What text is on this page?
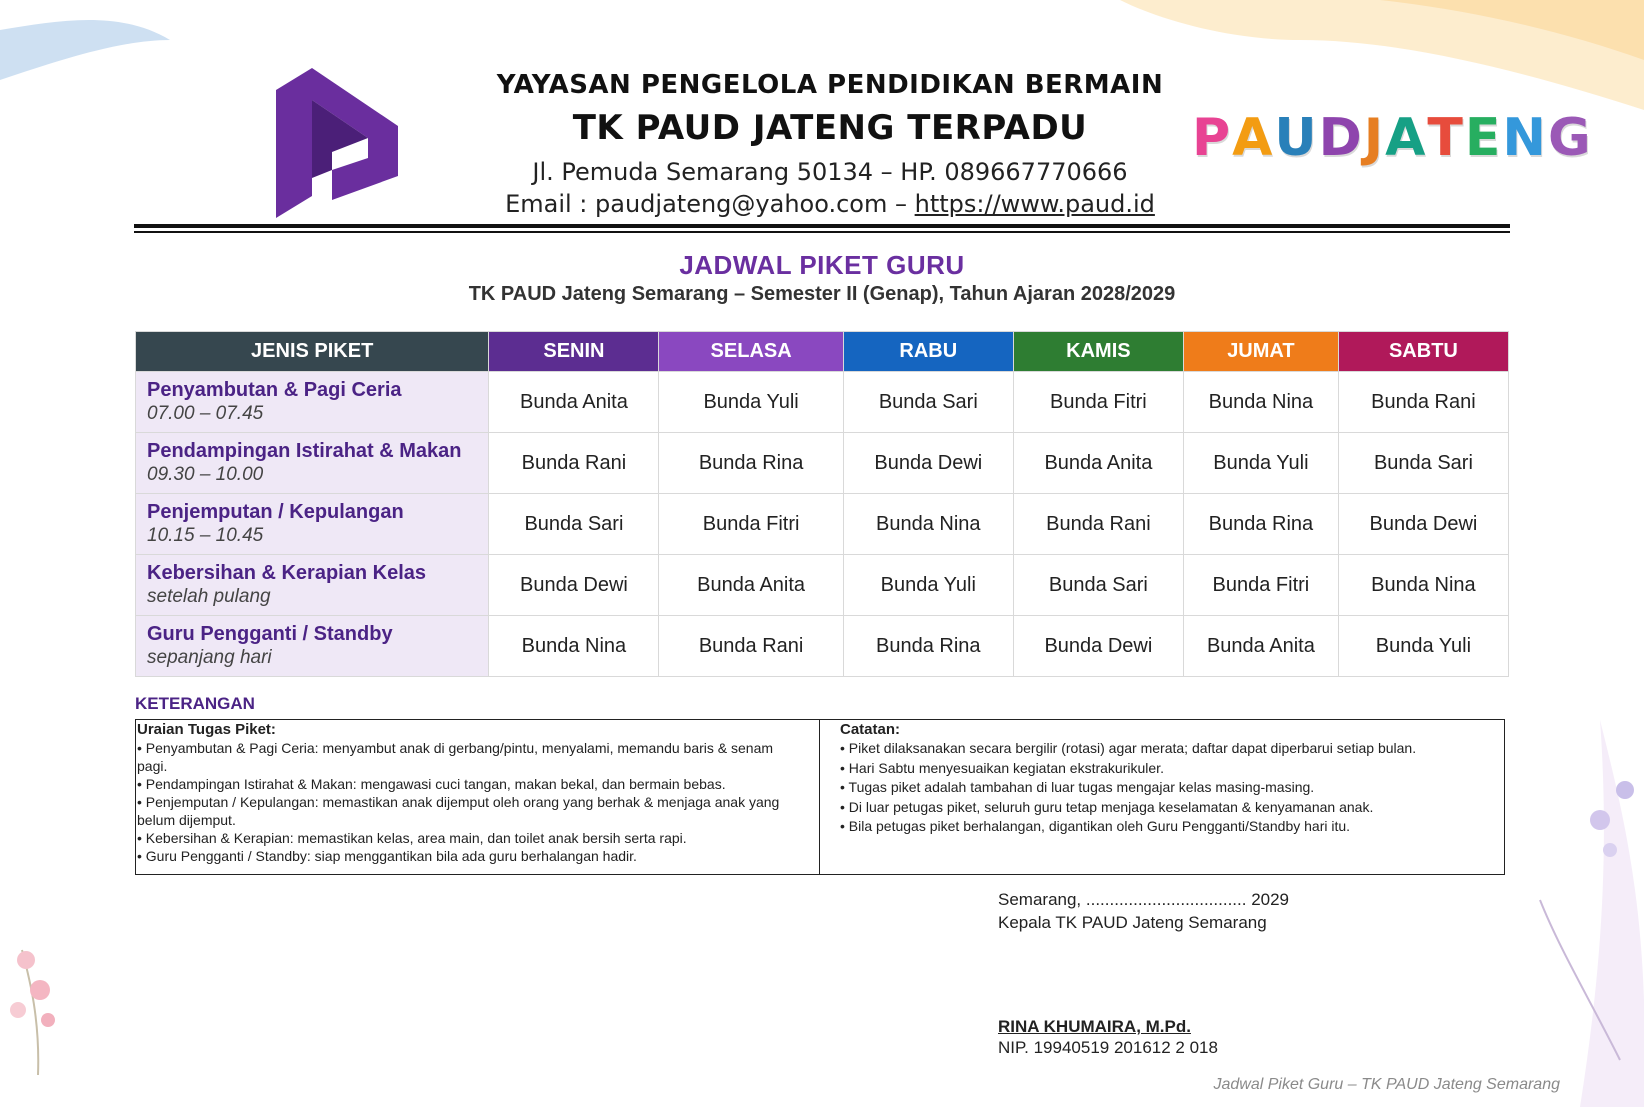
YAYASAN PENGELOLA PENDIDIKAN BERMAIN
TK PAUD JATENG TERPADU
Jl. Pemuda Semarang 50134 – HP. 089667770666
Email : paudjateng@yahoo.com – https://www.paud.id
PAUDJATENG
JADWAL PIKET GURU
TK PAUD Jateng Semarang – Semester II (Genap), Tahun Ajaran 2028/2029
JENIS PIKET	SENIN	SELASA	RABU	KAMIS	JUMAT	SABTU

Penyambutan & Pagi Ceria
07.00 – 07.45	Bunda Anita	Bunda Yuli	Bunda Sari	Bunda Fitri	Bunda Nina	Bunda Rani

Pendampingan Istirahat & Makan
09.30 – 10.00	Bunda Rani	Bunda Rina	Bunda Dewi	Bunda Anita	Bunda Yuli	Bunda Sari

Penjemputan / Kepulangan
10.15 – 10.45	Bunda Sari	Bunda Fitri	Bunda Nina	Bunda Rani	Bunda Rina	Bunda Dewi

Kebersihan & Kerapian Kelas
setelah pulang	Bunda Dewi	Bunda Anita	Bunda Yuli	Bunda Sari	Bunda Fitri	Bunda Nina

Guru Pengganti / Standby
sepanjang hari	Bunda Nina	Bunda Rani	Bunda Rina	Bunda Dewi	Bunda Anita	Bunda Yuli
KETERANGAN
Uraian Tugas Piket:
• Penyambutan & Pagi Ceria: menyambut anak di gerbang/pintu, menyalami, memandu baris & senam pagi.
• Pendampingan Istirahat & Makan: mengawasi cuci tangan, makan bekal, dan bermain bebas.
• Penjemputan / Kepulangan: memastikan anak dijemput oleh orang yang berhak & menjaga anak yang belum dijemput.
• Kebersihan & Kerapian: memastikan kelas, area main, dan toilet anak bersih serta rapi.
• Guru Pengganti / Standby: siap menggantikan bila ada guru berhalangan hadir.
Catatan:
• Piket dilaksanakan secara bergilir (rotasi) agar merata; daftar dapat diperbarui setiap bulan.
• Hari Sabtu menyesuaikan kegiatan ekstrakurikuler.
• Tugas piket adalah tambahan di luar tugas mengajar kelas masing-masing.
• Di luar petugas piket, seluruh guru tetap menjaga keselamatan & kenyamanan anak.
• Bila petugas piket berhalangan, digantikan oleh Guru Pengganti/Standby hari itu.
Semarang, .................................. 2029
Kepala TK PAUD Jateng Semarang
RINA KHUMAIRA, M.Pd.
NIP. 19940519 201612 2 018
Jadwal Piket Guru – TK PAUD Jateng Semarang
